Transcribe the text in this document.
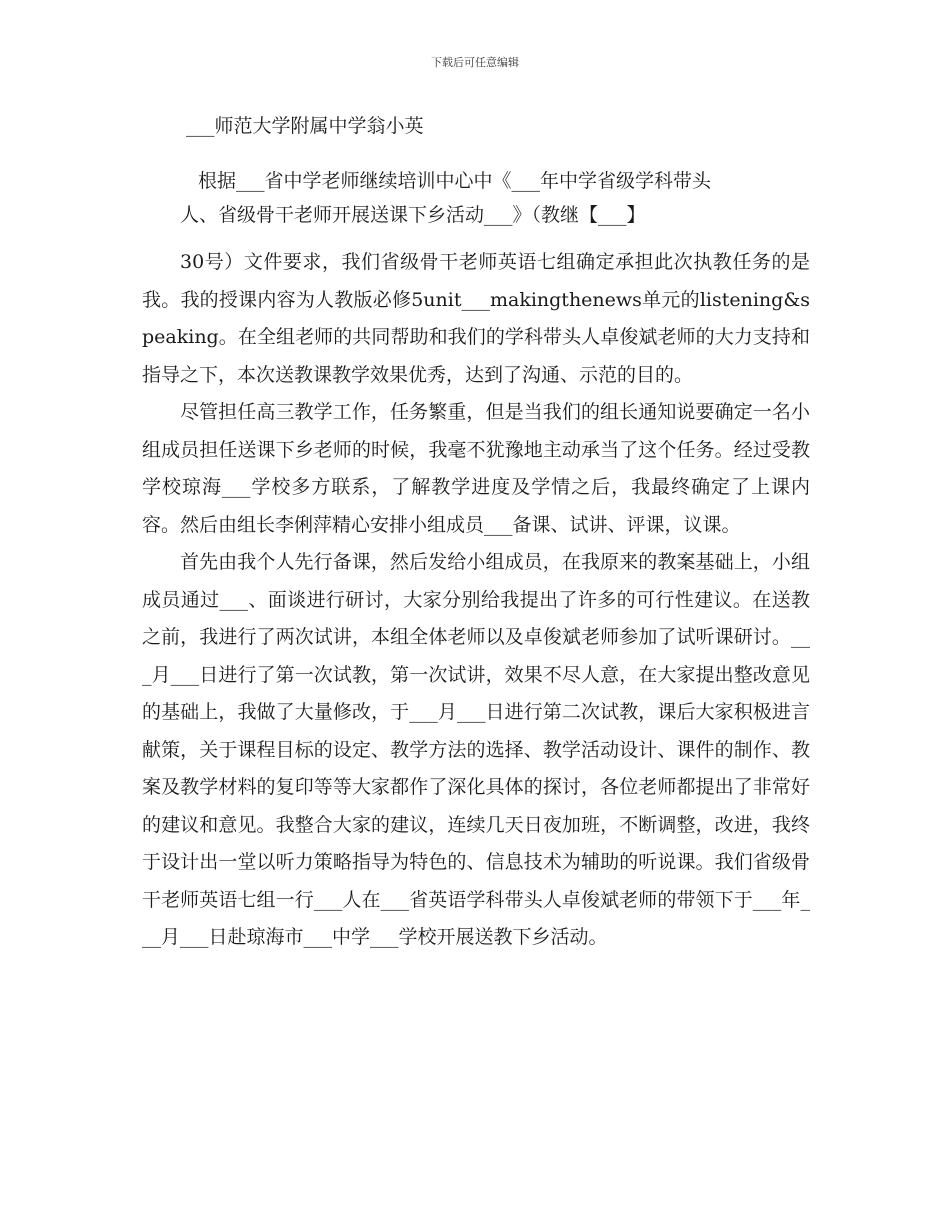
下载后可任意编辑

___师范大学附属中学翁小英

根据___省中学老师继续培训中心中《___年中学省级学科带头
人、省级骨干老师开展送课下乡活动___》（教继【___】

30号）文件要求，我们省级骨干老师英语七组确定承担此次执教任务的是我。我的授课内容为人教版必修5unit___makingthenews单元的listening&speaking。在全组老师的共同帮助和我们的学科带头人卓俊斌老师的大力支持和指导之下，本次送教课教学效果优秀，达到了沟通、示范的目的。

尽管担任高三教学工作，任务繁重，但是当我们的组长通知说要确定一名小组成员担任送课下乡老师的时候，我毫不犹豫地主动承当了这个任务。经过受教学校琼海___学校多方联系，了解教学进度及学情之后，我最终确定了上课内容。然后由组长李俐萍精心安排小组成员___备课、试讲、评课，议课。

首先由我个人先行备课，然后发给小组成员，在我原来的教案基础上，小组成员通过___、面谈进行研讨，大家分别给我提出了许多的可行性建议。在送教之前，我进行了两次试讲，本组全体老师以及卓俊斌老师参加了试听课研讨。___月___日进行了第一次试教，第一次试讲，效果不尽人意，在大家提出整改意见的基础上，我做了大量修改，于___月___日进行第二次试教，课后大家积极进言献策，关于课程目标的设定、教学方法的选择、教学活动设计、课件的制作、教案及教学材料的复印等等大家都作了深化具体的探讨，各位老师都提出了非常好的建议和意见。我整合大家的建议，连续几天日夜加班，不断调整，改进，我终于设计出一堂以听力策略指导为特色的、信息技术为辅助的听说课。我们省级骨干老师英语七组一行___人在___省英语学科带头人卓俊斌老师的带领下于___年___月___日赴琼海市___中学___学校开展送教下乡活动。
